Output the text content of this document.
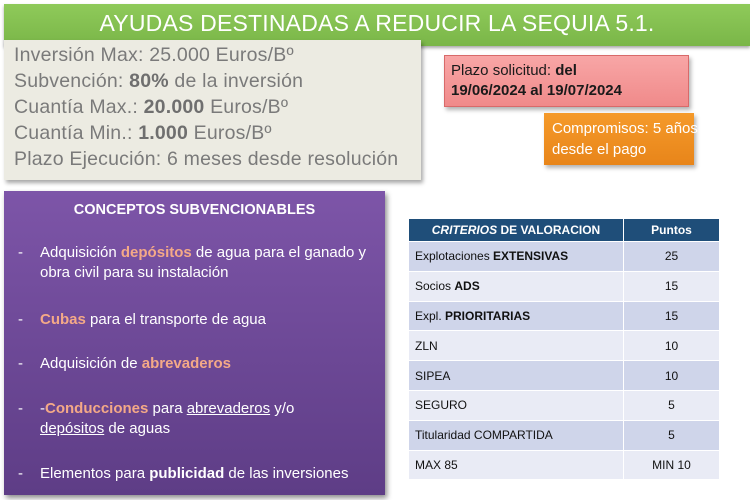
AYUDAS DESTINADAS A REDUCIR LA SEQUIA 5.1.
Inversión Max: 25.000 Euros/Bº
Subvención: 80% de la inversión
Cuantía Max.: 20.000 Euros/Bº
Cuantía Min.: 1.000 Euros/Bº
Plazo Ejecución: 6 meses desde resolución
Plazo solicitud: del
19/06/2024 al 19/07/2024
Compromisos: 5 años
desde el pago
CONCEPTOS SUBVENCIONABLES
- Adquisición depósitos de agua para el ganado y obra civil para su instalación
- Cubas para el transporte de agua
- Adquisición de abrevaderos
- -Conducciones para abrevaderos y/o
depósitos de aguas
- Elementos para publicidad de las inversiones
CRITERIOS DE VALORACION	Puntos
Explotaciones EXTENSIVAS	25
Socios ADS	15
Expl. PRIORITARIAS	15
ZLN	10
SIPEA	10
SEGURO	5
Titularidad COMPARTIDA	5
MAX 85	MIN 10
